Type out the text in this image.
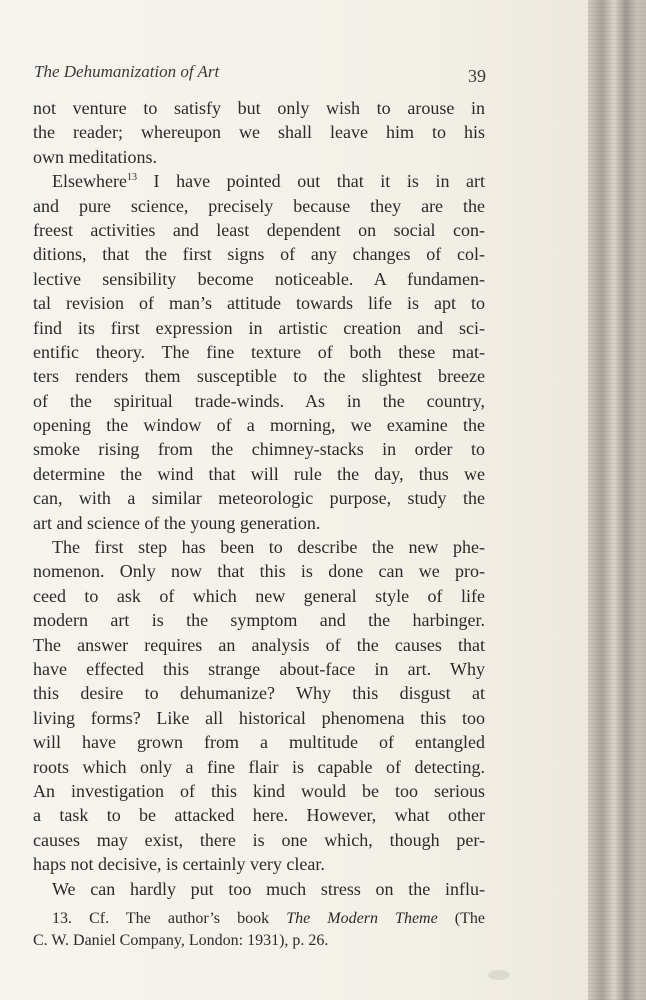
The Dehumanization of Art	39
not venture to satisfy but only wish to arouse in
the reader; whereupon we shall leave him to his
own meditations.
Elsewhere$^{13}$ I have pointed out that it is in art
and pure science, precisely because they are the
freest activities and least dependent on social con-
ditions, that the first signs of any changes of col-
lective sensibility become noticeable. A fundamen-
tal revision of man’s attitude towards life is apt to
find its first expression in artistic creation and sci-
entific theory. The fine texture of both these mat-
ters renders them susceptible to the slightest breeze
of the spiritual trade-winds. As in the country,
opening the window of a morning, we examine the
smoke rising from the chimney-stacks in order to
determine the wind that will rule the day, thus we
can, with a similar meteorologic purpose, study the
art and science of the young generation.
The first step has been to describe the new phe-
nomenon. Only now that this is done can we pro-
ceed to ask of which new general style of life
modern art is the symptom and the harbinger.
The answer requires an analysis of the causes that
have effected this strange about-face in art. Why
this desire to dehumanize? Why this disgust at
living forms? Like all historical phenomena this too
will have grown from a multitude of entangled
roots which only a fine flair is capable of detecting.
An investigation of this kind would be too serious
a task to be attacked here. However, what other
causes may exist, there is one which, though per-
haps not decisive, is certainly very clear.
We can hardly put too much stress on the influ-
13. Cf. The author’s book The Modern Theme (The
C. W. Daniel Company, London: 1931), p. 26.
